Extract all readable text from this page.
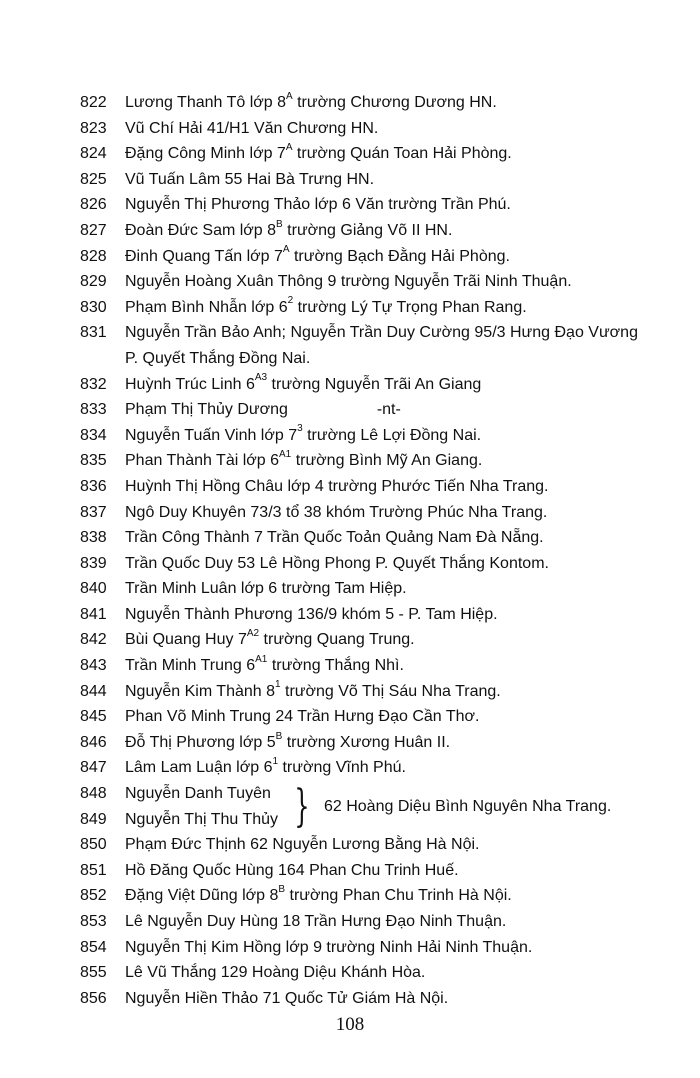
822	Lương Thanh Tô lớp $8^A$ trường Chương Dương HN.
823	Vũ Chí Hải 41/H1 Văn Chương HN.
824	Đặng Công Minh lớp $7^A$ trường Quán Toan Hải Phòng.
825	Vũ Tuấn Lâm 55 Hai Bà Trưng HN.
826	Nguyễn Thị Phương Thảo lớp 6 Văn trường Trần Phú.
827	Đoàn Đức Sam lớp $8^B$ trường Giảng Võ II HN.
828	Đinh Quang Tấn lớp $7^A$ trường Bạch Đằng Hải Phòng.
829	Nguyễn Hoàng Xuân Thông 9 trường Nguyễn Trãi Ninh Thuận.
830	Phạm Bình Nhẫn lớp $6^2$ trường Lý Tự Trọng Phan Rang.
831	Nguyễn Trần Bảo Anh; Nguyễn Trần Duy Cường 95/3 Hưng Đạo Vương P. Quyết Thắng Đồng Nai.
832	Huỳnh Trúc Linh $6^{A3}$ trường Nguyễn Trãi An Giang
833	Phạm Thị Thủy Dương                    -nt-
834	Nguyễn Tuấn Vinh lớp $7^3$ trường Lê Lợi Đồng Nai.
835	Phan Thành Tài lớp $6^{A1}$ trường Bình Mỹ An Giang.
836	Huỳnh Thị Hồng Châu lớp 4 trường Phước Tiến Nha Trang.
837	Ngô Duy Khuyên 73/3 tổ 38 khóm Trường Phúc Nha Trang.
838	Trần Công Thành 7 Trần Quốc Toản Quảng Nam Đà Nẵng.
839	Trần Quốc Duy 53 Lê Hồng Phong P. Quyết Thắng Kontom.
840	Trần Minh Luân lớp 6 trường Tam Hiệp.
841	Nguyễn Thành Phương 136/9 khóm 5 - P. Tam Hiệp.
842	Bùi Quang Huy $7^{A2}$ trường Quang Trung.
843	Trần Minh Trung $6^{A1}$ trường Thắng Nhì.
844	Nguyễn Kim Thành $8^1$ trường Võ Thị Sáu Nha Trang.
845	Phan Võ Minh Trung 24 Trần Hưng Đạo Cần Thơ.
846	Đỗ Thị Phương lớp $5^B$ trường Xương Huân II.
847	Lâm Lam Luận lớp $6^1$ trường Vĩnh Phú.
848	Nguyễn Danh Tuyên
849	Nguyễn Thị Thu Thủy } 62 Hoàng Diệu Bình Nguyên Nha Trang.
850	Phạm Đức Thịnh 62 Nguyễn Lương Bằng Hà Nội.
851	Hồ Đăng Quốc Hùng 164 Phan Chu Trinh Huế.
852	Đặng Việt Dũng lớp $8^B$ trường Phan Chu Trinh Hà Nội.
853	Lê Nguyễn Duy Hùng 18 Trần Hưng Đạo Ninh Thuận.
854	Nguyễn Thị Kim Hồng lớp 9 trường Ninh Hải Ninh Thuận.
855	Lê Vũ Thắng 129 Hoàng Diệu Khánh Hòa.
856	Nguyễn Hiền Thảo 71 Quốc Tử Giám Hà Nội.
108
